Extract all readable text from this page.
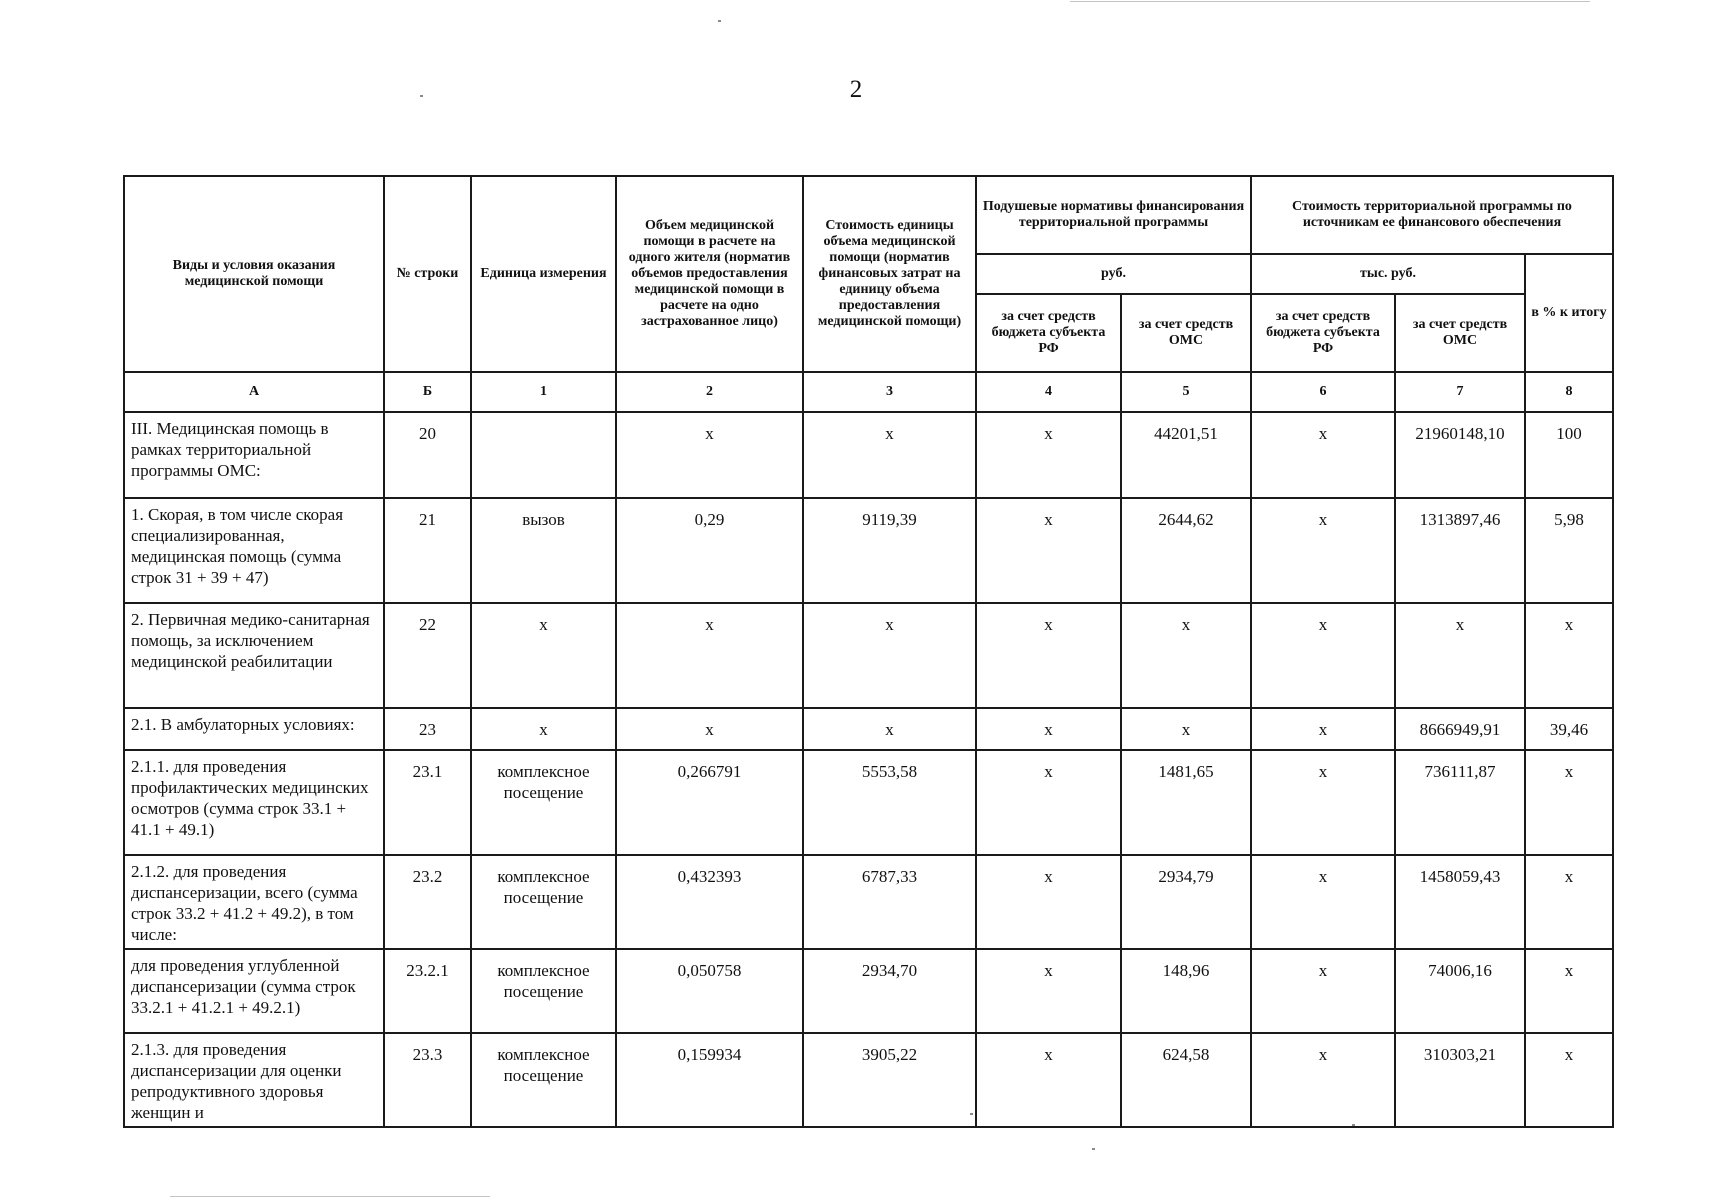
2
Виды и условия оказания медицинской помощи	№ строки	Единица измерения	Объем медицинской помощи в расчете на одного жителя (норматив объемов предоставления медицинской помощи в расчете на одно застрахованное лицо)	Стоимость единицы объема медицинской помощи (норматив финансовых затрат на единицу объема предоставления медицинской помощи)	Подушевые нормативы финансирования территориальной программы		Стоимость территориальной программы по источникам ее финансового обеспечения		
					руб.		тыс. руб.		в % к итогу
					за счет средств бюджета субъекта РФ	за счет средств ОМС	за счет средств бюджета субъекта РФ	за счет средств ОМС	
А	Б	1	2	3	4	5	6	7	8
III. Медицинская помощь в рамках территориальной программы ОМС:	20		х	х	х	44201,51	х	21960148,10	100
1. Скорая, в том числе скорая специализированная, медицинская помощь (сумма строк 31 + 39 + 47)	21	вызов	0,29	9119,39	х	2644,62	х	1313897,46	5,98
2. Первичная медико-санитарная помощь, за исключением медицинской реабилитации	22	х	х	х	х	х	х	х	х
2.1. В амбулаторных условиях:	23	х	х	х	х	х	х	8666949,91	39,46
2.1.1. для проведения профилактических медицинских осмотров (сумма строк 33.1 + 41.1 + 49.1)	23.1	комплексное посещение	0,266791	5553,58	х	1481,65	х	736111,87	х
2.1.2. для проведения диспансеризации, всего (сумма строк 33.2 + 41.2 + 49.2), в том числе:	23.2	комплексное посещение	0,432393	6787,33	х	2934,79	х	1458059,43	х
для проведения углубленной диспансеризации (сумма строк 33.2.1 + 41.2.1 + 49.2.1)	23.2.1	комплексное посещение	0,050758	2934,70	х	148,96	х	74006,16	х
2.1.3. для проведения диспансеризации для оценки репродуктивного здоровья женщин и	23.3	комплексное посещение	0,159934	3905,22	х	624,58	х	310303,21	х
